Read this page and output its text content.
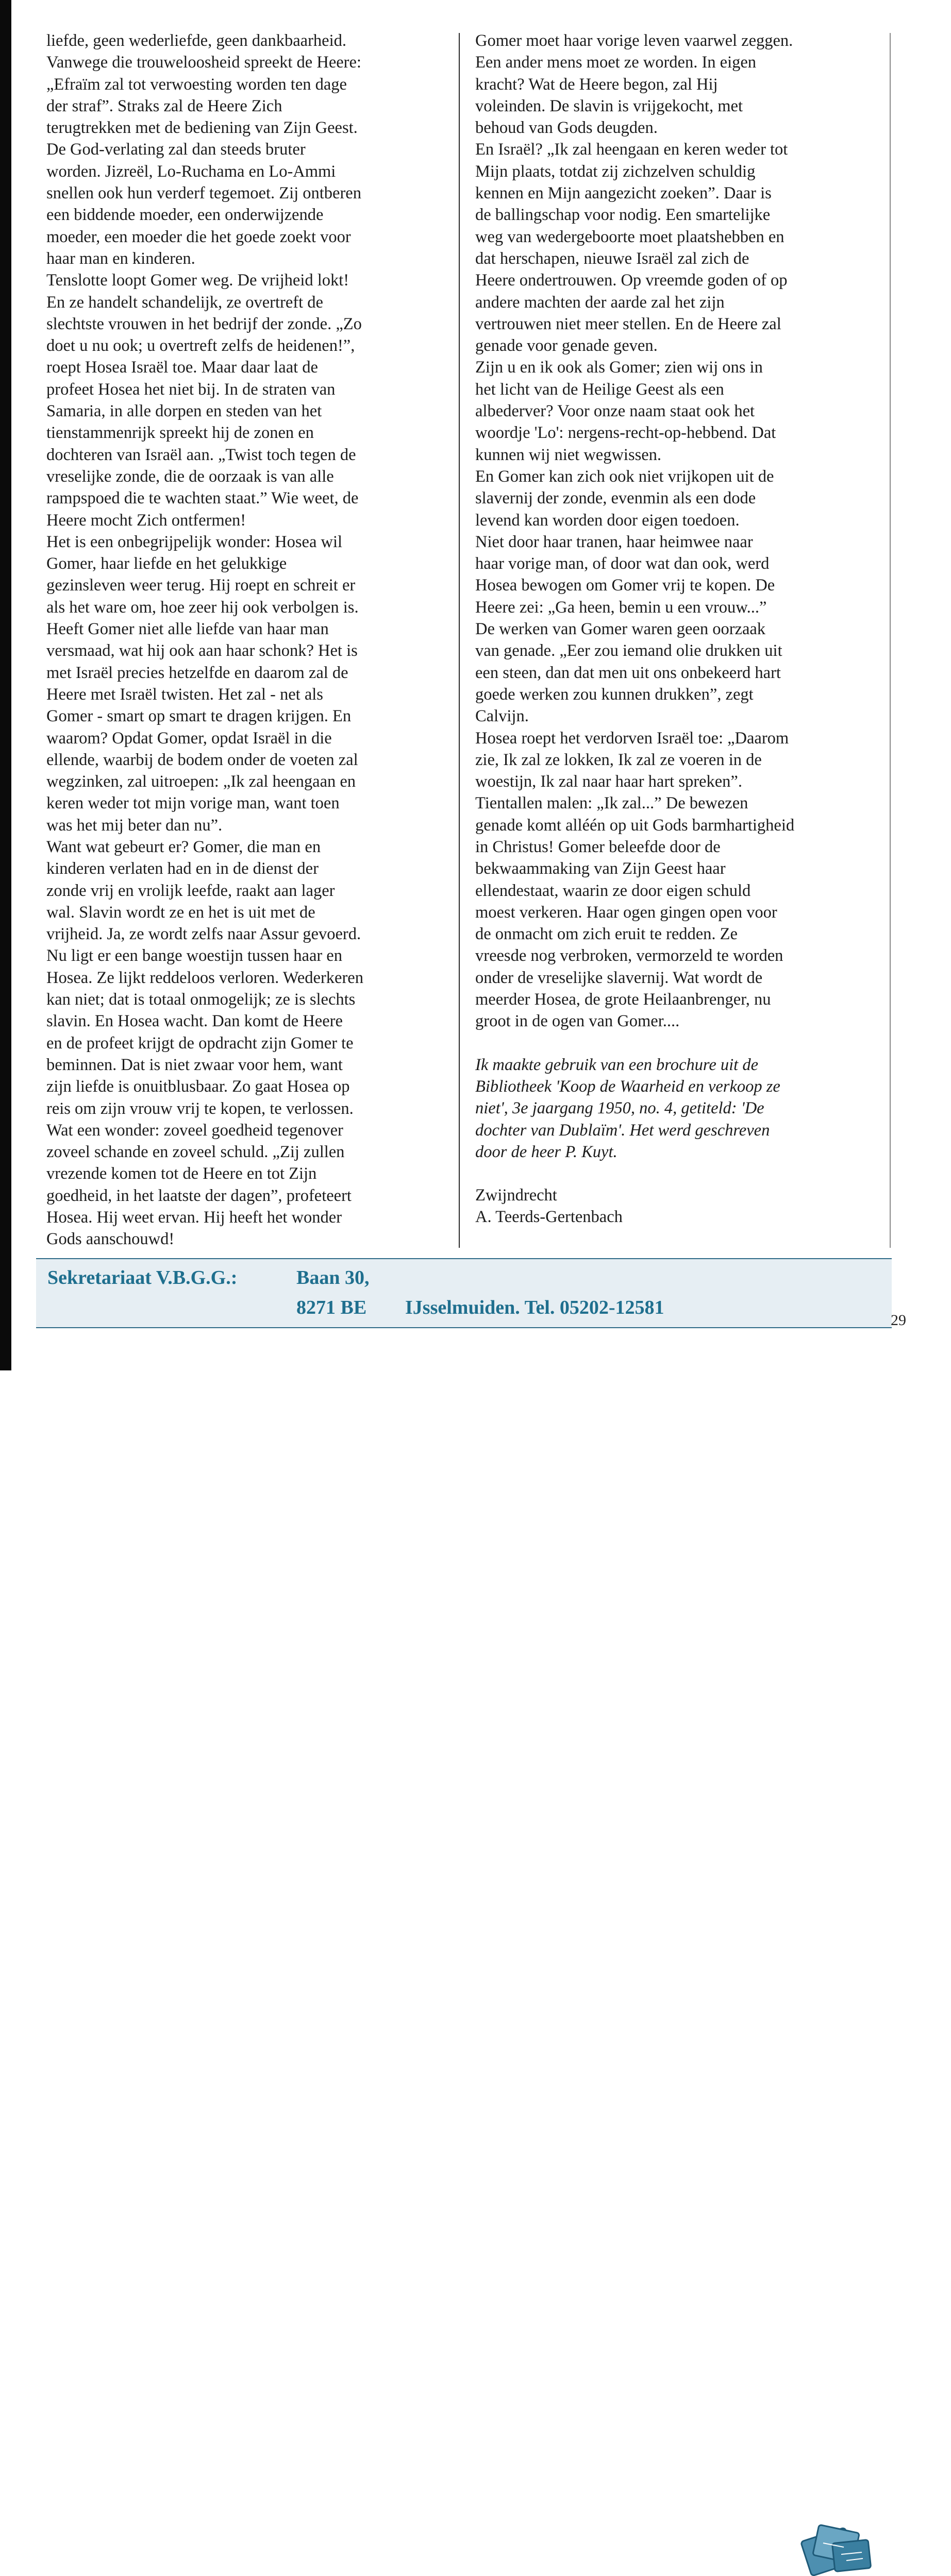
liefde, geen wederliefde, geen dankbaarheid.
Vanwege die trouweloosheid spreekt de Heere:
„Efraïm zal tot verwoesting worden ten dage
der straf”. Straks zal de Heere Zich
terugtrekken met de bediening van Zijn Geest.
De God-verlating zal dan steeds bruter
worden. Jizreël, Lo-Ruchama en Lo-Ammi
snellen ook hun verderf tegemoet. Zij ontberen
een biddende moeder, een onderwijzende
moeder, een moeder die het goede zoekt voor
haar man en kinderen.
Tenslotte loopt Gomer weg. De vrijheid lokt!
En ze handelt schandelijk, ze overtreft de
slechtste vrouwen in het bedrijf der zonde. „Zo
doet u nu ook; u overtreft zelfs de heidenen!”,
roept Hosea Israël toe. Maar daar laat de
profeet Hosea het niet bij. In de straten van
Samaria, in alle dorpen en steden van het
tienstammenrijk spreekt hij de zonen en
dochteren van Israël aan. „Twist toch tegen de
vreselijke zonde, die de oorzaak is van alle
rampspoed die te wachten staat.” Wie weet, de
Heere mocht Zich ontfermen!
Het is een onbegrijpelijk wonder: Hosea wil
Gomer, haar liefde en het gelukkige
gezinsleven weer terug. Hij roept en schreit er
als het ware om, hoe zeer hij ook verbolgen is.
Heeft Gomer niet alle liefde van haar man
versmaad, wat hij ook aan haar schonk? Het is
met Israël precies hetzelfde en daarom zal de
Heere met Israël twisten. Het zal - net als
Gomer - smart op smart te dragen krijgen. En
waarom? Opdat Gomer, opdat Israël in die
ellende, waarbij de bodem onder de voeten zal
wegzinken, zal uitroepen: „Ik zal heengaan en
keren weder tot mijn vorige man, want toen
was het mij beter dan nu”.
Want wat gebeurt er? Gomer, die man en
kinderen verlaten had en in de dienst der
zonde vrij en vrolijk leefde, raakt aan lager
wal. Slavin wordt ze en het is uit met de
vrijheid. Ja, ze wordt zelfs naar Assur gevoerd.
Nu ligt er een bange woestijn tussen haar en
Hosea. Ze lijkt reddeloos verloren. Wederkeren
kan niet; dat is totaal onmogelijk; ze is slechts
slavin. En Hosea wacht. Dan komt de Heere
en de profeet krijgt de opdracht zijn Gomer te
beminnen. Dat is niet zwaar voor hem, want
zijn liefde is onuitblusbaar. Zo gaat Hosea op
reis om zijn vrouw vrij te kopen, te verlossen.
Wat een wonder: zoveel goedheid tegenover
zoveel schande en zoveel schuld. „Zij zullen
vrezende komen tot de Heere en tot Zijn
goedheid, in het laatste der dagen”, profeteert
Hosea. Hij weet ervan. Hij heeft het wonder
Gods aanschouwd!
Gomer moet haar vorige leven vaarwel zeggen.
Een ander mens moet ze worden. In eigen
kracht? Wat de Heere begon, zal Hij
voleinden. De slavin is vrijgekocht, met
behoud van Gods deugden.
En Israël? „Ik zal heengaan en keren weder tot
Mijn plaats, totdat zij zichzelven schuldig
kennen en Mijn aangezicht zoeken”. Daar is
de ballingschap voor nodig. Een smartelijke
weg van wedergeboorte moet plaatshebben en
dat herschapen, nieuwe Israël zal zich de
Heere ondertrouwen. Op vreemde goden of op
andere machten der aarde zal het zijn
vertrouwen niet meer stellen. En de Heere zal
genade voor genade geven.
Zijn u en ik ook als Gomer; zien wij ons in
het licht van de Heilige Geest als een
albederver? Voor onze naam staat ook het
woordje 'Lo': nergens-recht-op-hebbend. Dat
kunnen wij niet wegwissen.
En Gomer kan zich ook niet vrijkopen uit de
slavernij der zonde, evenmin als een dode
levend kan worden door eigen toedoen.
Niet door haar tranen, haar heimwee naar
haar vorige man, of door wat dan ook, werd
Hosea bewogen om Gomer vrij te kopen. De
Heere zei: „Ga heen, bemin u een vrouw...”
De werken van Gomer waren geen oorzaak
van genade. „Eer zou iemand olie drukken uit
een steen, dan dat men uit ons onbekeerd hart
goede werken zou kunnen drukken”, zegt
Calvijn.
Hosea roept het verdorven Israël toe: „Daarom
zie, Ik zal ze lokken, Ik zal ze voeren in de
woestijn, Ik zal naar haar hart spreken”.
Tientallen malen: „Ik zal...” De bewezen
genade komt alléén op uit Gods barmhartigheid
in Christus! Gomer beleefde door de
bekwaammaking van Zijn Geest haar
ellendestaat, waarin ze door eigen schuld
moest verkeren. Haar ogen gingen open voor
de onmacht om zich eruit te redden. Ze
vreesde nog verbroken, vermorzeld te worden
onder de vreselijke slavernij. Wat wordt de
meerder Hosea, de grote Heilaanbrenger, nu
groot in de ogen van Gomer....
Ik maakte gebruik van een brochure uit de
Bibliotheek 'Koop de Waarheid en verkoop ze
niet', 3e jaargang 1950, no. 4, getiteld: 'De
dochter van Dublaïm'. Het werd geschreven
door de heer P. Kuyt.
Zwijndrecht
A. Teerds-Gertenbach
Sekretariaat V.B.G.G.:	Baan 30,
8271 BE IJsselmuiden. Tel. 05202-12581
29
